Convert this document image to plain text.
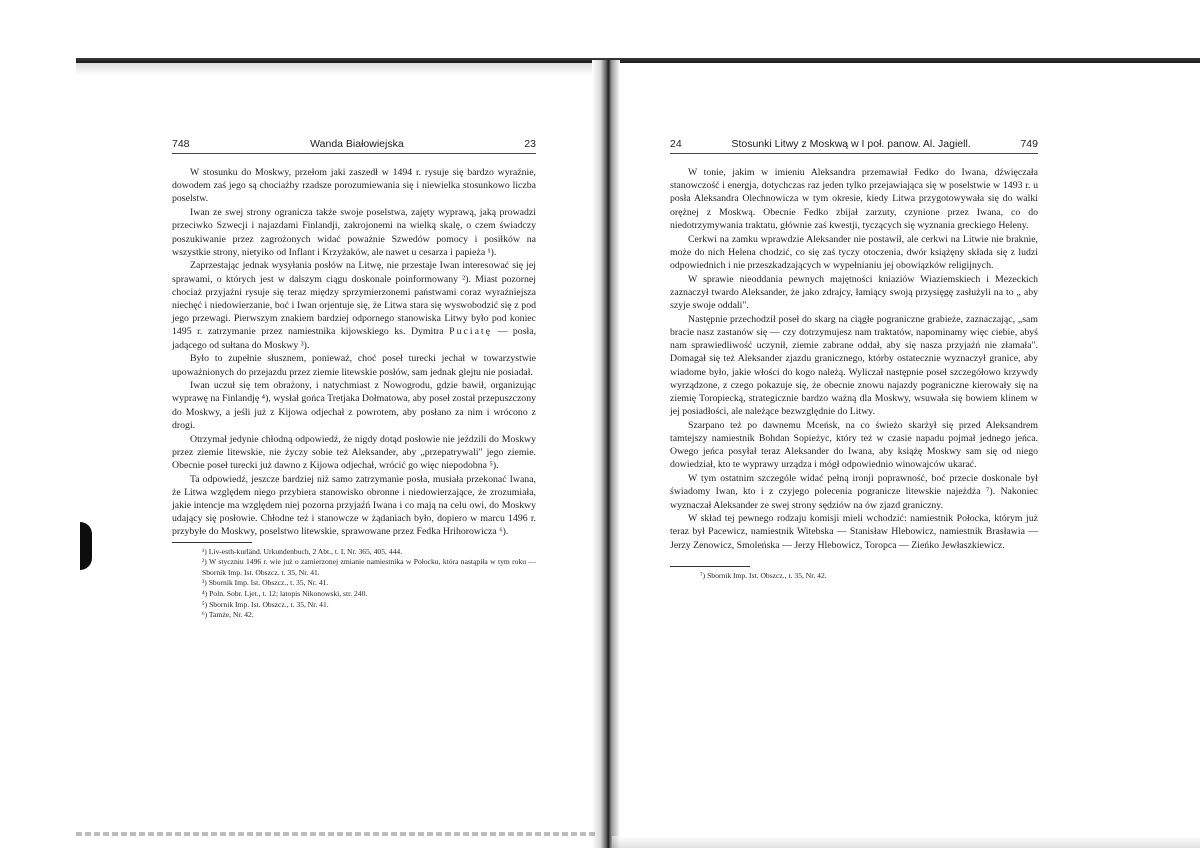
748	Wanda Białowiejska	23

W stosunku do Moskwy, przełom jaki zaszedł w 1494 r. rysuje się bardzo wyraźnie, dowodem zaś jego są chociażby rzadsze porozumiewania się i niewielka stosunkowo liczba poselstw.

Iwan ze swej strony ogranicza także swoje poselstwa, zajęty wyprawą, jaką prowadzi przeciwko Szwecji i najazdami Finlandji, zakrojonemi na wielką skalę, o czem świadczy poszukiwanie przez zagrożonych widać poważnie Szwedów pomocy i posiłków na wszystkie strony, nietyiko od Inflant i Krzyżaków, ale nawet u cesarza i papieża ¹).

Zaprzestając jednak wysyłania posłów na Litwę, nie przestaje Iwan interesować się jej sprawami, o których jest w dalszym ciągu doskonale poinformowany ²). Miast pozornej chociaż przyjaźni rysuje się teraz między sprzymierzonemi państwami coraz wyraźniejsza niechęć i niedowierzanie, boć i Iwan orjentuje się, że Litwa stara się wyswobodzić się z pod jego przewagi. Pierwszym znakiem bardziej odpornego stanowiska Litwy było pod koniec 1495 r. zatrzymanie przez namiestnika kijowskiego ks. Dymitra Puciatę — posła, jadącego od sułtana do Moskwy ³).

Było to zupełnie słusznem, ponieważ, choć poseł turecki jechał w towarzystwie upoważnionych do przejazdu przez ziemie litewskie posłów, sam jednak glejtu nie posiadał.

Iwan uczuł się tem obrażony, i natychmiast z Nowogrodu, gdzie bawił, organizując wyprawę na Finlandję ⁴), wysłał gońca Tretjaka Dołmatowa, aby poseł został przepuszczony do Moskwy, a jeśli już z Kijowa odjechał z powrotem, aby posłano za nim i wrócono z drogi.

Otrzymał jedynie chłodną odpowiedź, że nigdy dotąd posłowie nie jeździli do Moskwy przez ziemie litewskie, nie życzy sobie też Aleksander, aby „przepatrywali" jego ziemie. Obecnie poseł turecki już dawno z Kijowa odjechał, wrócić go więc niepodobna ⁵).

Ta odpowiedź, jeszcze bardziej niż samo zatrzymanie posła, musiała przekonać Iwana, że Litwa względem niego przybiera stanowisko obronne i niedowierzające, że zrozumiała, jakie intencje ma względem niej pozorna przyjaźń Iwana i co mają na celu owi, do Moskwy udający się posłowie. Chłodne też i stanowcze w żądaniach było, dopiero w marcu 1496 r. przybyłe do Moskwy, poselstwo litewskie, sprawowane przez Fedka Hrihorowicza ⁶).

¹) Liv-esth-kurländ. Urkundenbuch, 2 Abt., t. I, Nr. 365, 405, 444.
²) W styczniu 1496 r. wie już o zamierzonej zmianie namiestnika w Połocku, która nastąpiła w tym roku — Sbornik Imp. Ist. Obszcz. t. 35, Nr. 41.
³) Sbornik Imp. Ist. Obszcz., t. 35, Nr. 41.
⁴) Poln. Sobr. Ljet., t. 12; latopis Nikonowski, str. 240.
⁵) Sbornik Imp. Ist. Obszcz., t. 35, Nr. 41.
⁶) Tamże, Nr. 42.
24	Stosunki Litwy z Moskwą w I poł. panow. Al. Jagiell.	749

W tonie, jakim w imieniu Aleksandra przemawiał Fedko do Iwana, dźwięczała stanowczość i energja, dotychczas raz jeden tylko przejawiająca się w poselstwie w 1493 r. u posła Aleksandra Olechnowicza w tym okresie, kiedy Litwa przygotowywała się do walki orężnej z Moskwą. Obecnie Fedko zbijał zarzuty, czynione przez Iwana, co do niedotrzymywania traktatu, głównie zaś kwestji, tyczących się wyznania greckiego Heleny.

Cerkwi na zamku wprawdzie Aleksander nie postawił, ale cerkwi na Litwie nie braknie, może do nich Helena chodzić, co się zaś tyczy otoczenia, dwór książęny składa się z ludzi odpowiednich i nie przeszkadzających w wypełnianiu jej obowiązków religijnych.

W sprawie nieoddania pewnych majętności kniaziów Wiaziemskiech i Mezeckich zaznaczył twardo Aleksander, że jako zdrajcy, łamiący swoją przysięgę zasłużyli na to „ aby szyje swoje oddali".

Następnie przechodził poseł do skarg na ciągłe pograniczne grabieże, zaznaczając, „sam bracie nasz zastanów się — czy dotrzymujesz nam traktatów, napominamy więc ciebie, abyś nam sprawiedliwość uczynił, ziemie zabrane oddał, aby się nasza przyjaźń nie złamała". Domagał się też Aleksander zjazdu granicznego, którby ostatecznie wyznaczył granice, aby wiadome było, jakie włości do kogo należą. Wyliczał następnie poseł szczegółowo krzywdy wyrządzone, z czego pokazuje się, że obecnie znowu najazdy pograniczne kierowały się na ziemię Toropiecką, strategicznie bardzo ważną dla Moskwy, wsuwała się bowiem klinem w jej posiadłości, ale należące bezwzględnie do Litwy.

Szarpano też po dawnemu Mceńsk, na co świeżo skarżył się przed Aleksandrem tamtejszy namiestnik Bohdan Sopieżyc, który też w czasie napadu pojmał jednego jeńca. Owego jeńca posyłał teraz Aleksander do Iwana, aby książę Moskwy sam się od niego dowiedział, kto te wyprawy urządza i mógł odpowiednio winowajców ukarać.

W tym ostatnim szczególe widać pełną ironji poprawność, boć przecie doskonale był świadomy Iwan, kto i z czyjego polecenia pogranicze litewskie najeżdża ⁷). Nakoniec wyznaczał Aleksander ze swej strony sędziów na ów zjazd graniczny.

W skład tej pewnego rodzaju komisji mieli wchodzić: namiestnik Połocka, którym już teraz był Pacewicz, namiestnik Witebska — Stanisław Hlebowicz, namiestnik Brasławia — Jerzy Zenowicz, Smoleńska — Jerzy Hlebowicz, Toropca — Zieńko Jewłaszkiewicz.

⁷) Sbornik Imp. Ist. Obszcz., t. 35, Nr. 42.
